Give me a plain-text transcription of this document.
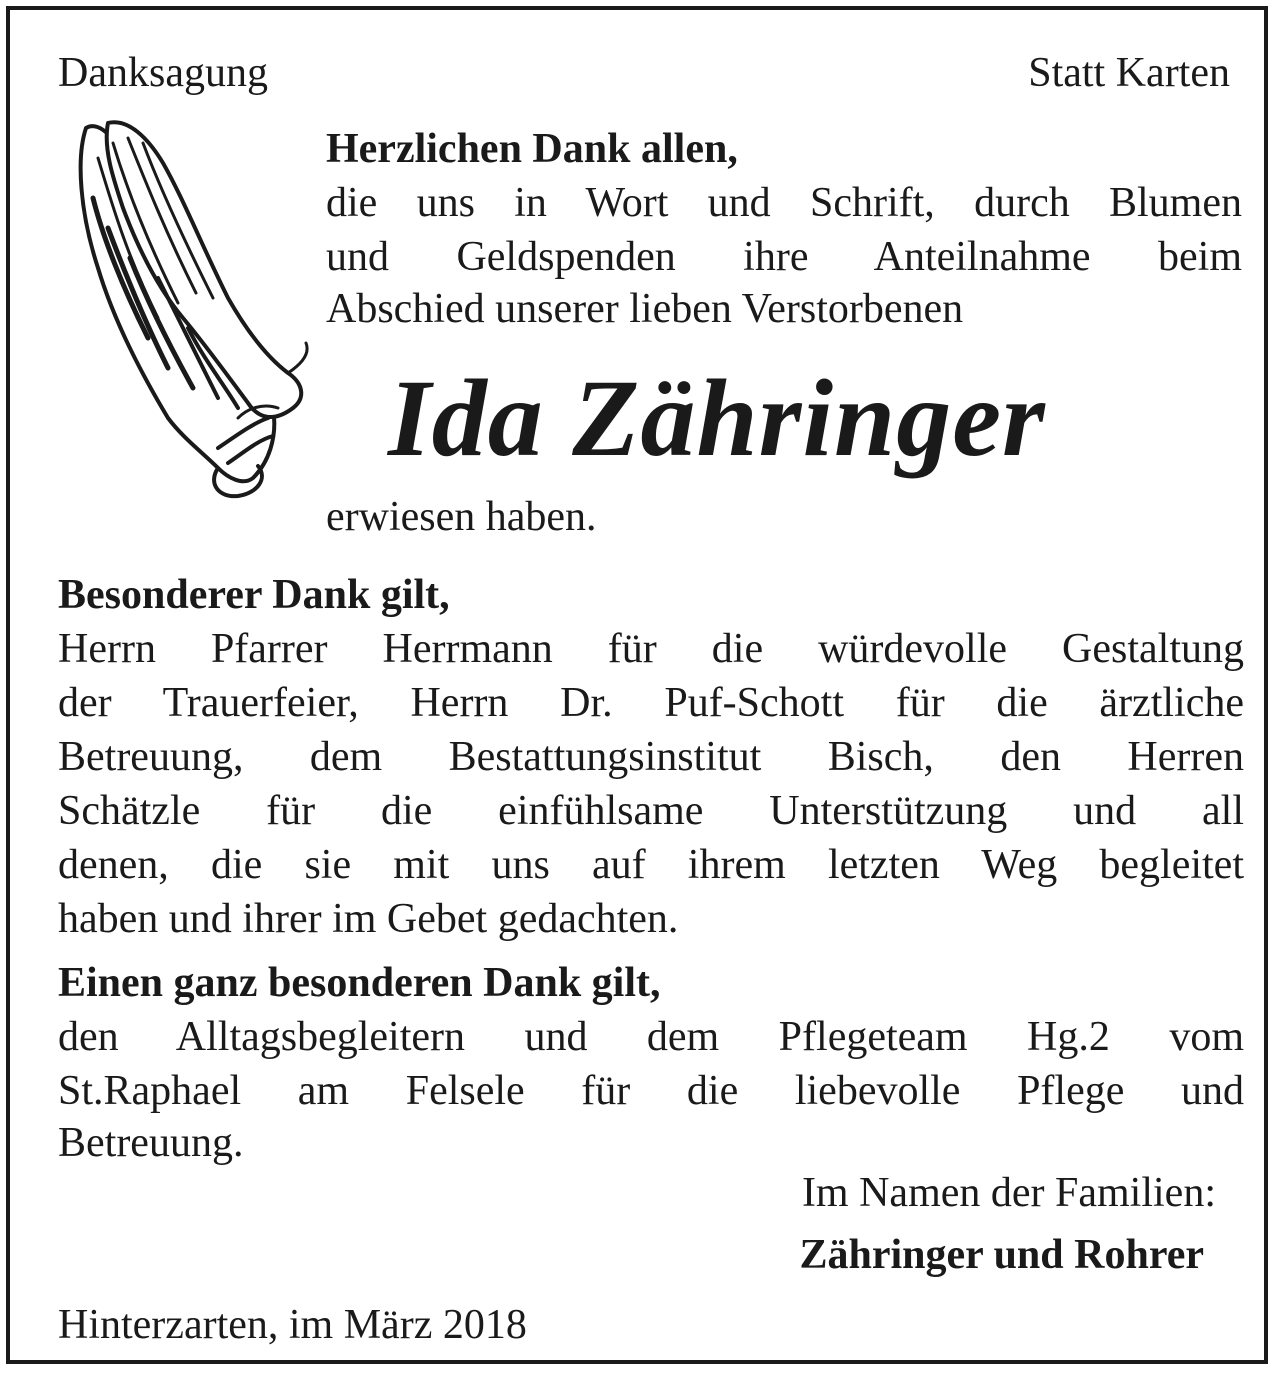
Danksagung	Statt Karten
Herzlichen Dank allen,
die uns in Wort und Schrift, durch Blumen
und Geldspenden ihre Anteilnahme beim
Abschied unserer lieben Verstorbenen
Ida Zähringer
erwiesen haben.
Besonderer Dank gilt,
Herrn Pfarrer Herrmann für die würdevolle Gestaltung
der Trauerfeier, Herrn Dr. Puf-Schott für die ärztliche
Betreuung, dem Bestattungsinstitut Bisch, den Herren
Schätzle für die einfühlsame Unterstützung und all
denen, die sie mit uns auf ihrem letzten Weg begleitet
haben und ihrer im Gebet gedachten.
Einen ganz besonderen Dank gilt,
den Alltagsbegleitern und dem Pflegeteam Hg.2 vom
St.Raphael am Felsele für die liebevolle Pflege und
Betreuung.
Im Namen der Familien:
Zähringer und Rohrer
Hinterzarten, im März 2018
